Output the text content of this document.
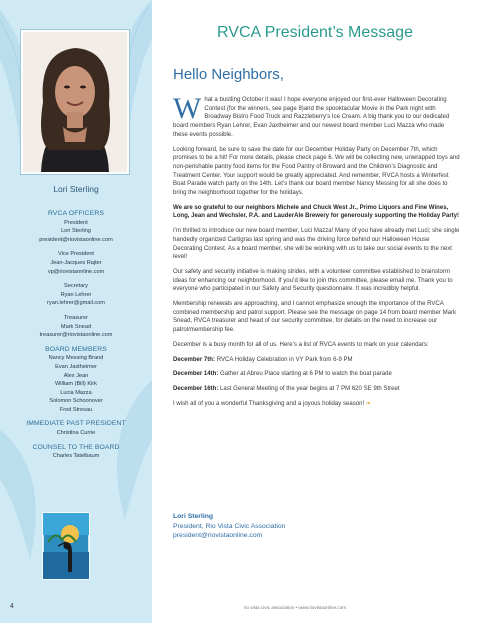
Lori Sterling
RVCA OFFICERS
President
Lori Sterling
president@riovistaonline.com
Vice President
Jean-Jacques Rajter
vp@riovistaonline.com
Secretary
Ryan Lehrer
ryan.lehrer@gmail.com
Treasurer
Mark Snead
treasurer@riovistaonline.com
BOARD MEMBERS
Nancy Messing Brand
Evan Jaxtheimer
Alex Jean
William (Bill) Kirk
Lucia Mazza
Solomon Schoonover
Fred Stresau
IMMEDIATE PAST PRESIDENT
Christina Currie
COUNSEL TO THE BOARD
Charles Tatelbaum
4
RVCA President’s Message
Hello Neighbors,

What a bustling October it was! I hope everyone enjoyed our first-ever Halloween Decorating Contest (for the winners, see page 8)and the spooktacular Movie in the Park night with Broadway Bistro Food Truck and Razzleberry’s Ice Cream. A big thank you to our dedicated board members Ryan Lehrer, Evan Jaxtheimer and our newest board member Luci Mazza who made these events possible.

Looking forward, be sure to save the date for our December Holiday Party on December 7th, which promises to be a hit! For more details, please check page 6. We will be collecting new, unwrapped toys and non-perishable pantry food items for the Food Pantry of Broward and the Children’s Diagnostic and Treatment Center. Your support would be greatly appreciated. And remember, RVCA hosts a Winterfest Boat Parade watch party on the 14th. Let’s thank our board member Nancy Messing for all she does to bring the neighborhood together for the holidays.

We are so grateful to our neighbors Michele and Chuck West Jr., Primo Liquors and Fine Wines, Long, Jean and Wechsler, P.A. and LauderAle Brewery for generously supporting the Holiday Party!

I’m thrilled to introduce our new board member, Luci Mazza! Many of you have already met Luci; she single handedly organized Cartigras last spring and was the driving force behind our Halloween House Decorating Contest. As a board member, she will be working with us to take our social events to the next level!

Our safety and security initiative is making strides, with a volunteer committee established to brainstorm ideas for enhancing our neighborhood. If you’d like to join this committee, please email me. Thank you to everyone who participated in our Safety and Security questionnaire. It was incredibly helpful.

Membership renewals are approaching, and I cannot emphasize enough the importance of the RVCA combined membership and patrol support. Please see the message on page 14 from board member Mark Snead, RVCA treasurer and head of our security committee, for details on the need to increase our patrol/membership fee.

December is a busy month for all of us. Here’s a list of RVCA events to mark on your calendars:

December 7th: RVCA Holiday Celebration in VY Park from 6-9 PM

December 14th: Gather at Abreu Place starting at 6 PM to watch the boat parade

December 16th: Last General Meeting of the year begins at 7 PM 620 SE 9th Street

I wish all of you a wonderful Thanksgiving and a joyous holiday season! ❧

Lori Sterling
President, Rio Vista Civic Association
president@riovistaonline.com
rio vista civic association • www.riovistaonline.com
